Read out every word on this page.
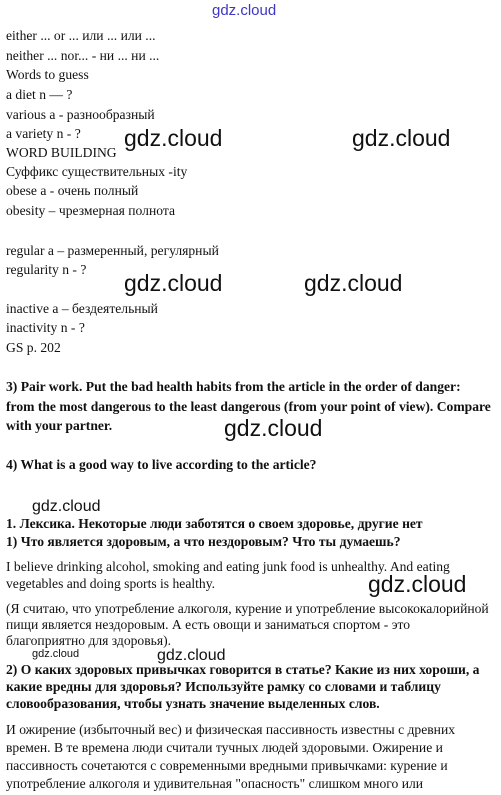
either ... or ... или ... или ...
neither ... nor... - ни ... ни ...
Words to guess
a diet n — ?
various a - разнообразный
a variety n - ?
WORD BUILDING
Суффикс существительных -ity
obese a - очень полный
obesity – чрезмерная полнота
regular a – размеренный, регулярный
regularity n - ?
inactive a – бездеятельный
inactivity n - ?
GS p. 202
3) Pair work. Put the bad health habits from the article in the order of danger: from the most dangerous to the least dangerous (from your point of view). Compare with your partner.
4) What is a good way to live according to the article?
1. Лексика. Некоторые люди заботятся о своем здоровье, другие нет
1) Что является здоровым, а что нездоровым? Что ты думаешь?
I believe drinking alcohol, smoking and eating junk food is unhealthy. And eating vegetables and doing sports is healthy.
(Я считаю, что употребление алкоголя, курение и употребление высококалорийной пищи является нездоровым. А есть овощи и заниматься спортом - это благоприятно для здоровья).
2) О каких здоровых привычках говорится в статье? Какие из них хороши, а какие вредны для здоровья? Используйте рамку со словами и таблицу словообразования, чтобы узнать значение выделенных слов.
И ожирение (избыточный вес) и физическая пассивность известны с древних времен. В те времена люди считали тучных людей здоровыми. Ожирение и пассивность сочетаются с современными вредными привычками: курение и употребление алкоголя и удивительная "опасность" слишком много или
gdz.cloud
gdz.cloud	gdz.cloud
gdz.cloud	gdz.cloud
gdz.cloud
gdz.cloud
gdz.cloud
gdz.cloud
gdz.cloud
